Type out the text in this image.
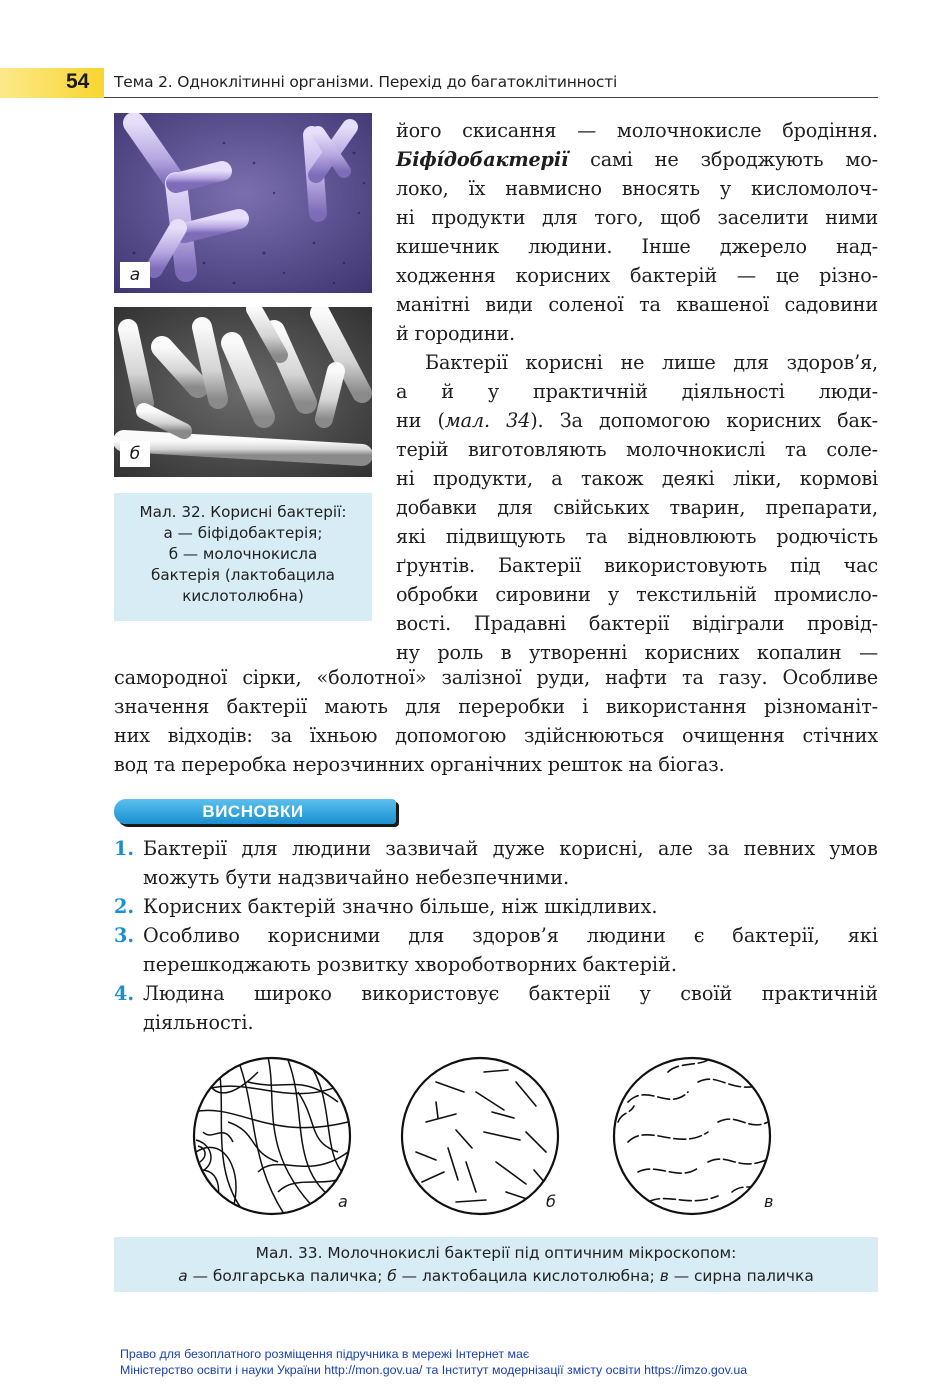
54 Тема 2. Одноклітинні організми. Перехід до багатоклітинності
а
б
Мал. 32. Корисні бактерії:
а — біфідобактерія;
б — молочнокисла
бактерія (лактобацила
кислотолюбна)
його скисання — молочнокисле бродіння.
Біфі́добактерії самі не зброджують мо-
локо, їх навмисно вносять у кисломолоч-
ні продукти для того, щоб заселити ними
кишечник людини. Інше джерело над-
ходження корисних бактерій — це різно-
манітні види соленої та квашеної садовини
й городини.
Бактерії корисні не лише для здоров’я,
а й у практичній діяльності люди-
ни (мал. 34). За допомогою корисних бак-
терій виготовляють молочнокислі та соле-
ні продукти, а також деякі ліки, кормові
добавки для свійських тварин, препарати,
які підвищують та відновлюють родючість
ґрунтів. Бактерії використовують під час
обробки сировини у текстильній промисло-
вості. Прадавні бактерії відіграли провід-
ну роль в утворенні корисних копалин —
самородної сірки, «болотної» залізної руди, нафти та газу. Особливе
значення бактерії мають для переробки і використання різноманіт-
них відходів: за їхньою допомогою здійснюються очищення стічних
вод та переробка нерозчинних органічних решток на біогаз.
ВИСНОВКИ
1. Бактерії для людини зазвичай дуже корисні, але за певних умов можуть бути надзвичайно небезпечними.
2. Корисних бактерій значно більше, ніж шкідливих.
3. Особливо корисними для здоров’я людини є бактерії, які перешкоджають розвитку хвороботворних бактерій.
4. Людина широко використовує бактерії у своїй практичній діяльності.
а	б	в
Мал. 33. Молочнокислі бактерії під оптичним мікроскопом:
а — болгарська паличка; б — лактобацила кислотолюбна; в — сирна паличка
Право для безоплатного розміщення підручника в мережі Інтернет має
Міністерство освіти і науки України http://mon.gov.ua/ та Інститут модернізації змісту освіти https://imzo.gov.ua
